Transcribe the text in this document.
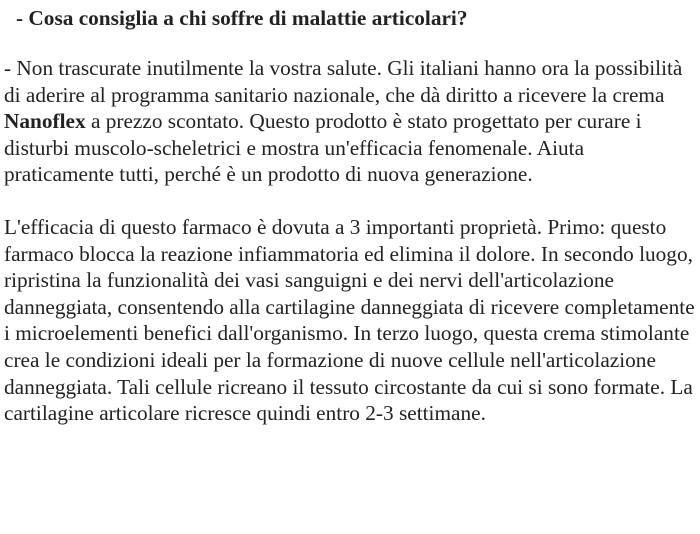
- Cosa consiglia a chi soffre di malattie articolari?

- Non trascurate inutilmente la vostra salute. Gli italiani hanno ora la possibilità di aderire al programma sanitario nazionale, che dà diritto a ricevere la crema Nanoflex a prezzo scontato. Questo prodotto è stato progettato per curare i disturbi muscolo-scheletrici e mostra un'efficacia fenomenale. Aiuta praticamente tutti, perché è un prodotto di nuova generazione.

L'efficacia di questo farmaco è dovuta a 3 importanti proprietà. Primo: questo farmaco blocca la reazione infiammatoria ed elimina il dolore. In secondo luogo, ripristina la funzionalità dei vasi sanguigni e dei nervi dell'articolazione danneggiata, consentendo alla cartilagine danneggiata di ricevere completamente i microelementi benefici dall'organismo. In terzo luogo, questa crema stimolante crea le condizioni ideali per la formazione di nuove cellule nell'articolazione danneggiata. Tali cellule ricreano il tessuto circostante da cui si sono formate. La cartilagine articolare ricresce quindi entro 2-3 settimane.
